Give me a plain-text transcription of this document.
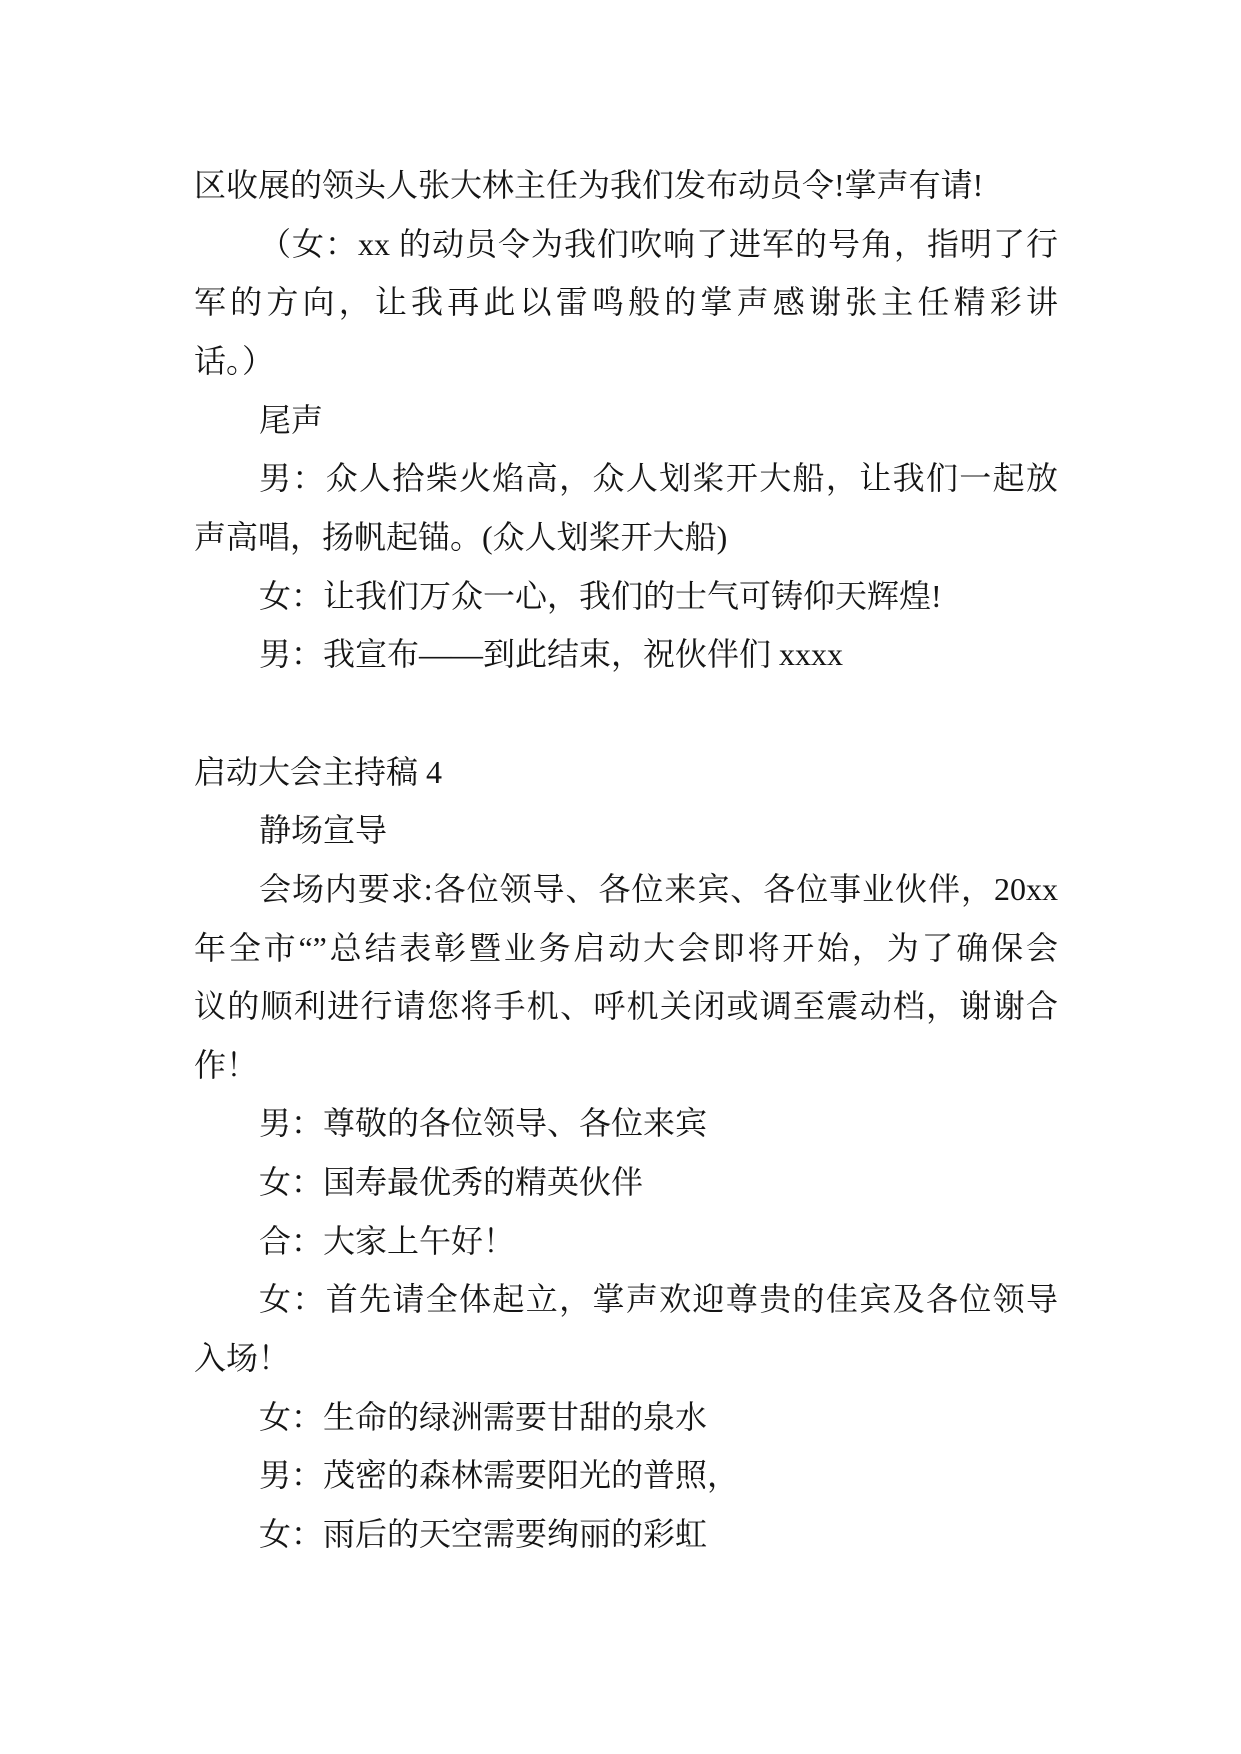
区收展的领头人张大林主任为我们发布动员令!掌声有请!
（女：xx 的动员令为我们吹响了进军的号角，指明了行
军的方向，让我再此以雷鸣般的掌声感谢张主任精彩讲
话。）
尾声
男：众人拾柴火焰高，众人划桨开大船，让我们一起放
声高唱，扬帆起锚。(众人划桨开大船)
女：让我们万众一心，我们的士气可铸仰天辉煌!
男：我宣布——到此结束，祝伙伴们 xxxx
启动大会主持稿 4
静场宣导
会场内要求:各位领导、各位来宾、各位事业伙伴，20xx
年全市“”总结表彰暨业务启动大会即将开始，为了确保会
议的顺利进行请您将手机、呼机关闭或调至震动档，谢谢合
作！
男：尊敬的各位领导、各位来宾
女：国寿最优秀的精英伙伴
合：大家上午好！
女：首先请全体起立，掌声欢迎尊贵的佳宾及各位领导
入场！
女：生命的绿洲需要甘甜的泉水
男：茂密的森林需要阳光的普照，
女：雨后的天空需要绚丽的彩虹
